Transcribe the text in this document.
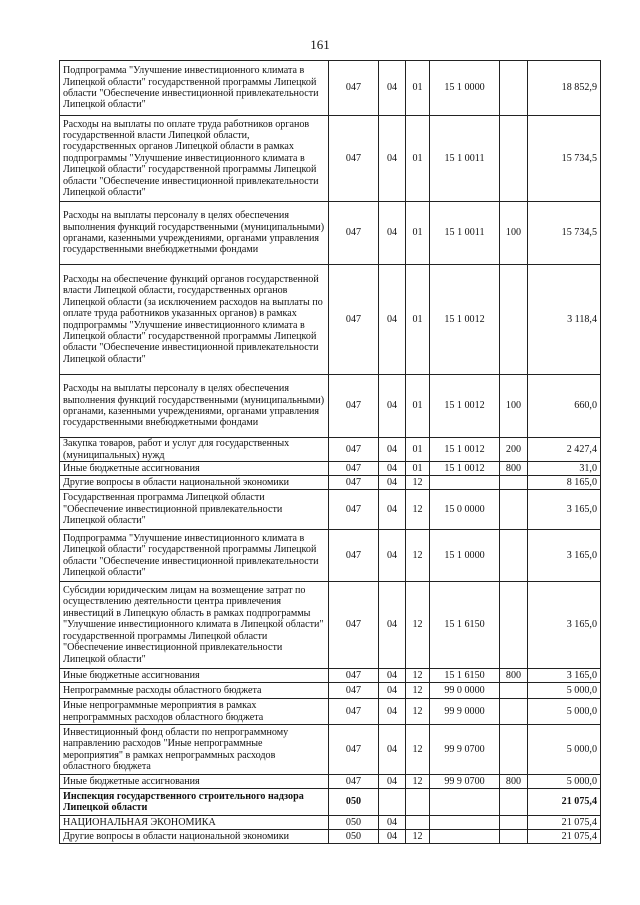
161
Подпрограмма "Улучшение инвестиционного климата в Липецкой области" государственной программы Липецкой области "Обеспечение инвестиционной привлекательности Липецкой области"	047	04	01	15 1 0000		18 852,9
Расходы на выплаты по оплате труда работников органов государственной власти Липецкой области, государственных органов Липецкой области в рамках подпрограммы "Улучшение инвестиционного климата в Липецкой области" государственной программы Липецкой области "Обеспечение инвестиционной привлекательности Липецкой области"	047	04	01	15 1 0011		15 734,5
Расходы на выплаты персоналу в целях обеспечения выполнения функций государственными (муниципальными) органами, казенными учреждениями, органами управления государственными внебюджетными фондами	047	04	01	15 1 0011	100	15 734,5
Расходы на обеспечение функций органов государственной власти Липецкой области, государственных органов Липецкой области (за исключением расходов на выплаты по оплате труда работников указанных органов) в рамках подпрограммы "Улучшение инвестиционного климата в Липецкой области" государственной программы Липецкой области "Обеспечение инвестиционной привлекательности Липецкой области"	047	04	01	15 1 0012		3 118,4
Расходы на выплаты персоналу в целях обеспечения выполнения функций государственными (муниципальными) органами, казенными учреждениями, органами управления государственными внебюджетными фондами	047	04	01	15 1 0012	100	660,0
Закупка товаров, работ и услуг для государственных (муниципальных) нужд	047	04	01	15 1 0012	200	2 427,4
Иные бюджетные ассигнования	047	04	01	15 1 0012	800	31,0
Другие вопросы в области национальной экономики	047	04	12			8 165,0
Государственная программа Липецкой области "Обеспечение инвестиционной привлекательности Липецкой области"	047	04	12	15 0 0000		3 165,0
Подпрограмма "Улучшение инвестиционного климата в Липецкой области" государственной программы Липецкой области "Обеспечение инвестиционной привлекательности Липецкой области"	047	04	12	15 1 0000		3 165,0
Субсидии юридическим лицам на возмещение затрат по осуществлению деятельности центра привлечения инвестиций в Липецкую область в рамках подпрограммы "Улучшение инвестиционного климата в Липецкой области" государственной программы Липецкой области "Обеспечение инвестиционной привлекательности Липецкой области"	047	04	12	15 1 6150		3 165,0
Иные бюджетные ассигнования	047	04	12	15 1 6150	800	3 165,0
Непрограммные расходы областного бюджета	047	04	12	99 0 0000		5 000,0
Иные непрограммные мероприятия в рамках непрограммных расходов областного бюджета	047	04	12	99 9 0000		5 000,0
Инвестиционный фонд области по непрограммному направлению расходов "Иные непрограммные мероприятия" в рамках непрограммных расходов областного бюджета	047	04	12	99 9 0700		5 000,0
Иные бюджетные ассигнования	047	04	12	99 9 0700	800	5 000,0
Инспекция государственного строительного надзора Липецкой области	050					21 075,4
НАЦИОНАЛЬНАЯ ЭКОНОМИКА	050	04				21 075,4
Другие вопросы в области национальной экономики	050	04	12			21 075,4
